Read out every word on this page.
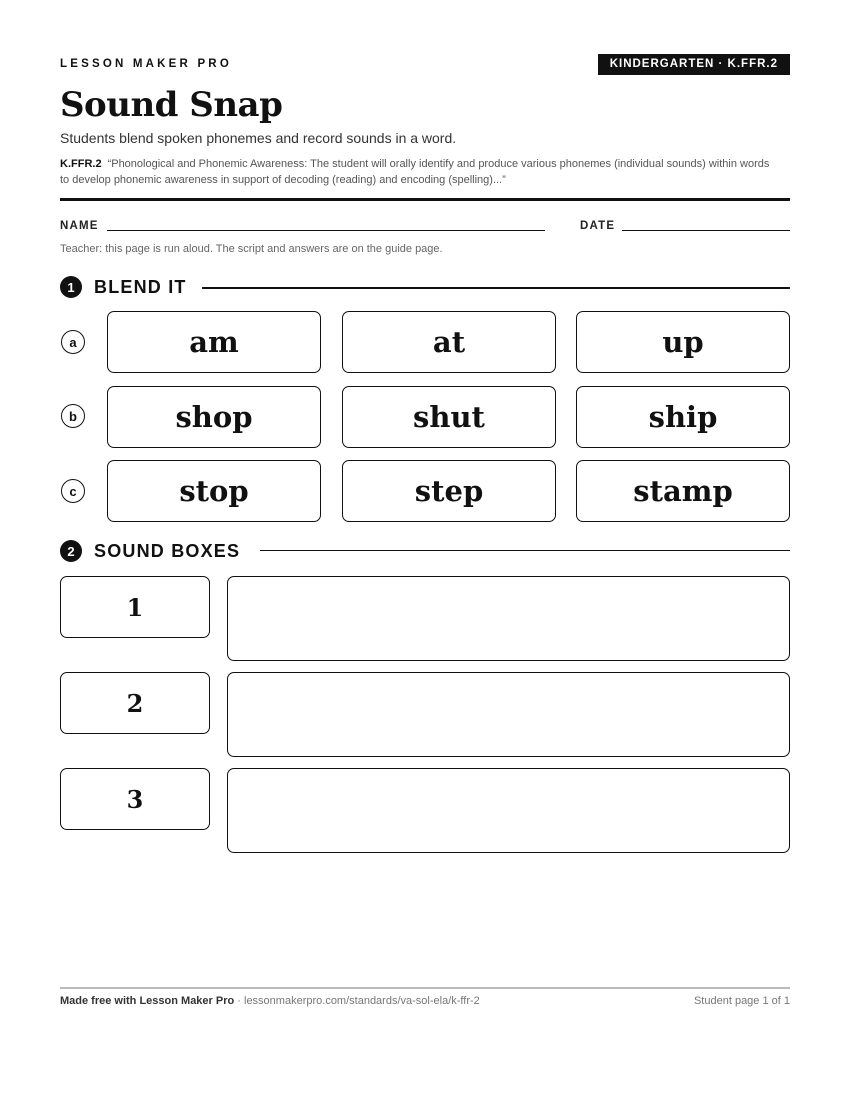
LESSON MAKER PRO	KINDERGARTEN · K.FFR.2
Sound Snap
Students blend spoken phonemes and record sounds in a word.
K.FFR.2 “Phonological and Phonemic Awareness: The student will orally identify and produce various phonemes (individual sounds) within words to develop phonemic awareness in support of decoding (reading) and encoding (spelling)...”
NAME	DATE
Teacher: this page is run aloud. The script and answers are on the guide page.
1	BLEND IT
a	am	at	up
b	shop	shut	ship
c	stop	step	stamp
2	SOUND BOXES
1
2
3
Made free with Lesson Maker Pro · lessonmakerpro.com/standards/va-sol-ela/k-ffr-2	Student page 1 of 1
